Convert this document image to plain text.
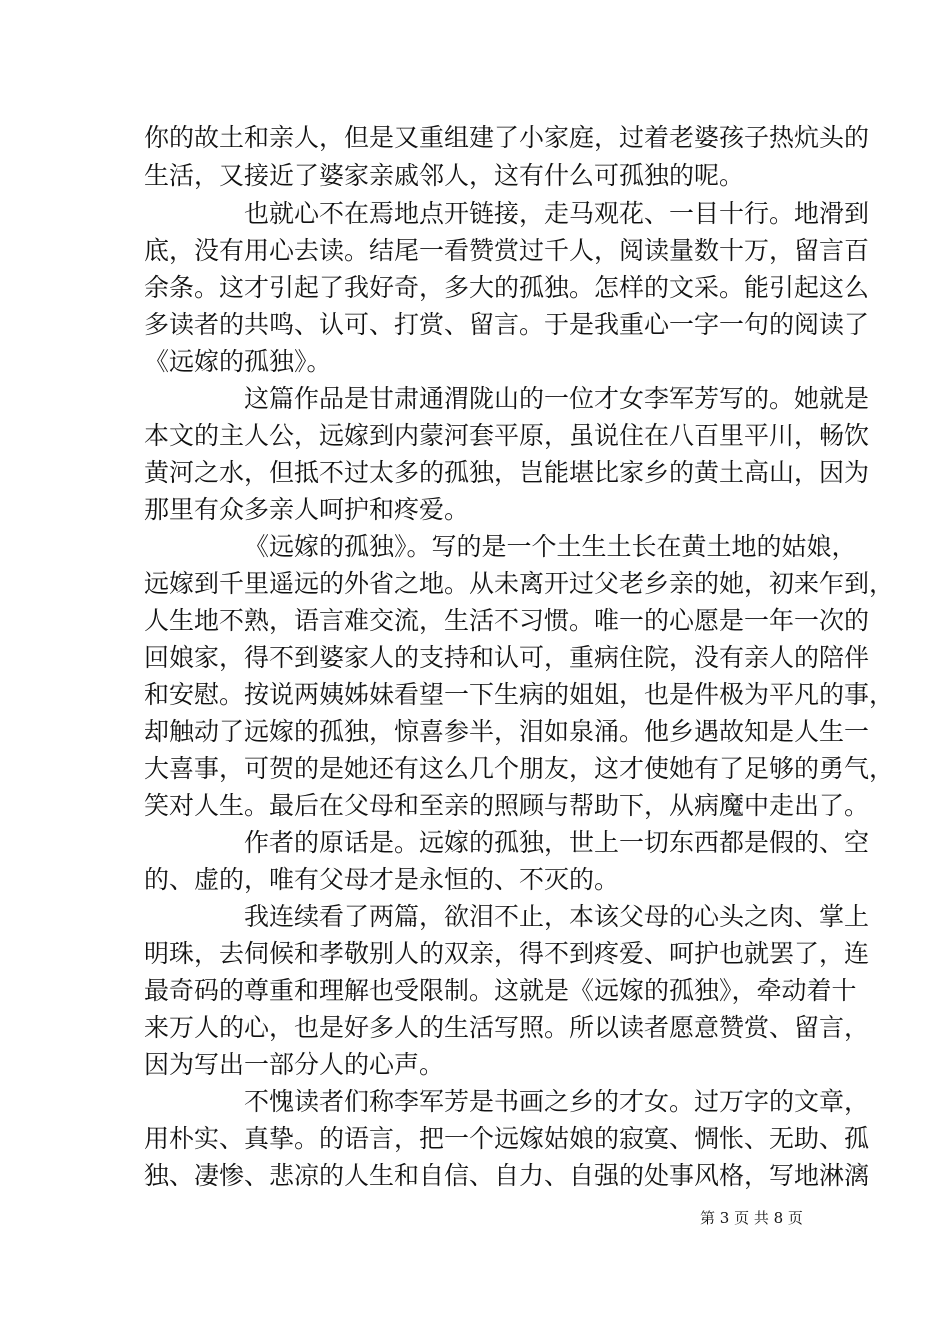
你的故土和亲人，但是又重组建了小家庭，过着老婆孩子热炕头的
生活，又接近了婆家亲戚邻人，这有什么可孤独的呢。
也就心不在焉地点开链接，走马观花、一目十行。地滑到
底，没有用心去读。结尾一看赞赏过千人，阅读量数十万，留言百
余条。这才引起了我好奇，多大的孤独。怎样的文采。能引起这么
多读者的共鸣、认可、打赏、留言。于是我重心一字一句的阅读了
《远嫁的孤独》。
这篇作品是甘肃通渭陇山的一位才女李军芳写的。她就是
本文的主人公，远嫁到内蒙河套平原，虽说住在八百里平川，畅饮
黄河之水，但抵不过太多的孤独，岂能堪比家乡的黄土高山，因为
那里有众多亲人呵护和疼爱。
《远嫁的孤独》。写的是一个土生土长在黄土地的姑娘，
远嫁到千里遥远的外省之地。从未离开过父老乡亲的她，初来乍到，
人生地不熟，语言难交流，生活不习惯。唯一的心愿是一年一次的
回娘家，得不到婆家人的支持和认可，重病住院，没有亲人的陪伴
和安慰。按说两姨姊妹看望一下生病的姐姐，也是件极为平凡的事，
却触动了远嫁的孤独，惊喜参半，泪如泉涌。他乡遇故知是人生一
大喜事，可贺的是她还有这么几个朋友，这才使她有了足够的勇气，
笑对人生。最后在父母和至亲的照顾与帮助下，从病魔中走出了。
作者的原话是。远嫁的孤独，世上一切东西都是假的、空
的、虚的，唯有父母才是永恒的、不灭的。
我连续看了两篇，欲泪不止，本该父母的心头之肉、掌上
明珠，去伺候和孝敬别人的双亲，得不到疼爱、呵护也就罢了，连
最奇码的尊重和理解也受限制。这就是《远嫁的孤独》，牵动着十
来万人的心，也是好多人的生活写照。所以读者愿意赞赏、留言，
因为写出一部分人的心声。
不愧读者们称李军芳是书画之乡的才女。过万字的文章，
用朴实、真挚。的语言，把一个远嫁姑娘的寂寞、惆怅、无助、孤
独、凄惨、悲凉的人生和自信、自力、自强的处事风格，写地淋漓
第 3 页 共 8 页
